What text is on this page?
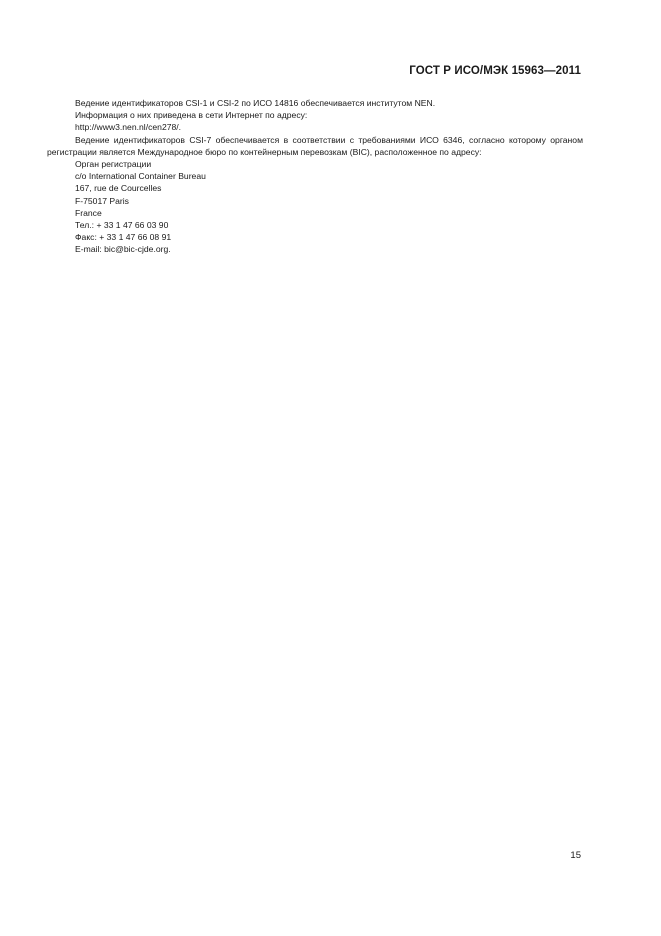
ГОСТ Р ИСО/МЭК 15963—2011

Ведение идентификаторов CSI-1 и CSI-2 по ИСО 14816 обеспечивается институтом NEN.

Информация о них приведена в сети Интернет по адресу:

http://www3.nen.nl/cen278/.

Ведение идентификаторов CSI-7 обеспечивается в соответствии с требованиями ИСО 6346, согласно которому органом регистрации является Международное бюро по контейнерным перевозкам (BIC), расположенное по адресу:

Орган регистрации
c/o International Container Bureau
167, rue de Courcelles
F-75017 Paris
France
Тел.: + 33 1 47 66 03 90
Факс: + 33 1 47 66 08 91
E-mail: bic@bic-cjde.org.
15
